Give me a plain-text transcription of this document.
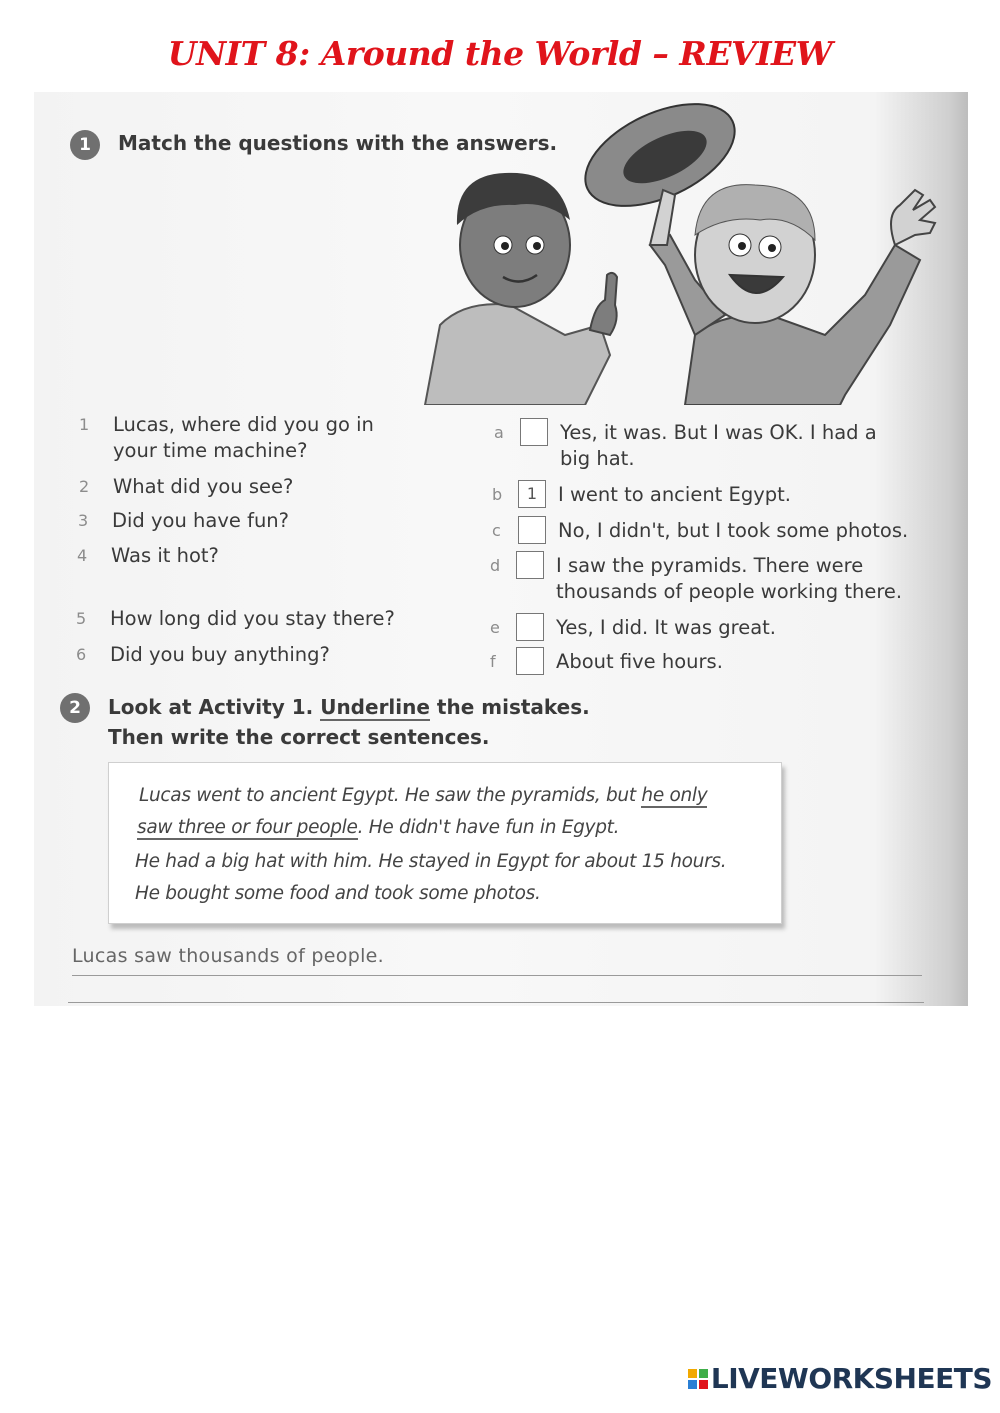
UNIT 8: Around the World – REVIEW
1	Match the questions with the answers.
1 Lucas, where did you go in
your time machine?
2 What did you see?
3 Did you have fun?
4 Was it hot?
5 How long did you stay there?
6 Did you buy anything?
a	Yes, it was. But I was OK. I had a
big hat.
b	1	I went to ancient Egypt.
c	No, I didn't, but I took some photos.
d	I saw the pyramids. There were
thousands of people working there.
e	Yes, I did. It was great.
f	About five hours.
2	Look at Activity 1. Underline the mistakes.
Then write the correct sentences.
Lucas went to ancient Egypt. He saw the pyramids, but he only
saw three or four people. He didn't have fun in Egypt.
He had a big hat with him. He stayed in Egypt for about 15 hours.
He bought some food and took some photos.
Lucas saw thousands of people.
LIVEWORKSHEETS
